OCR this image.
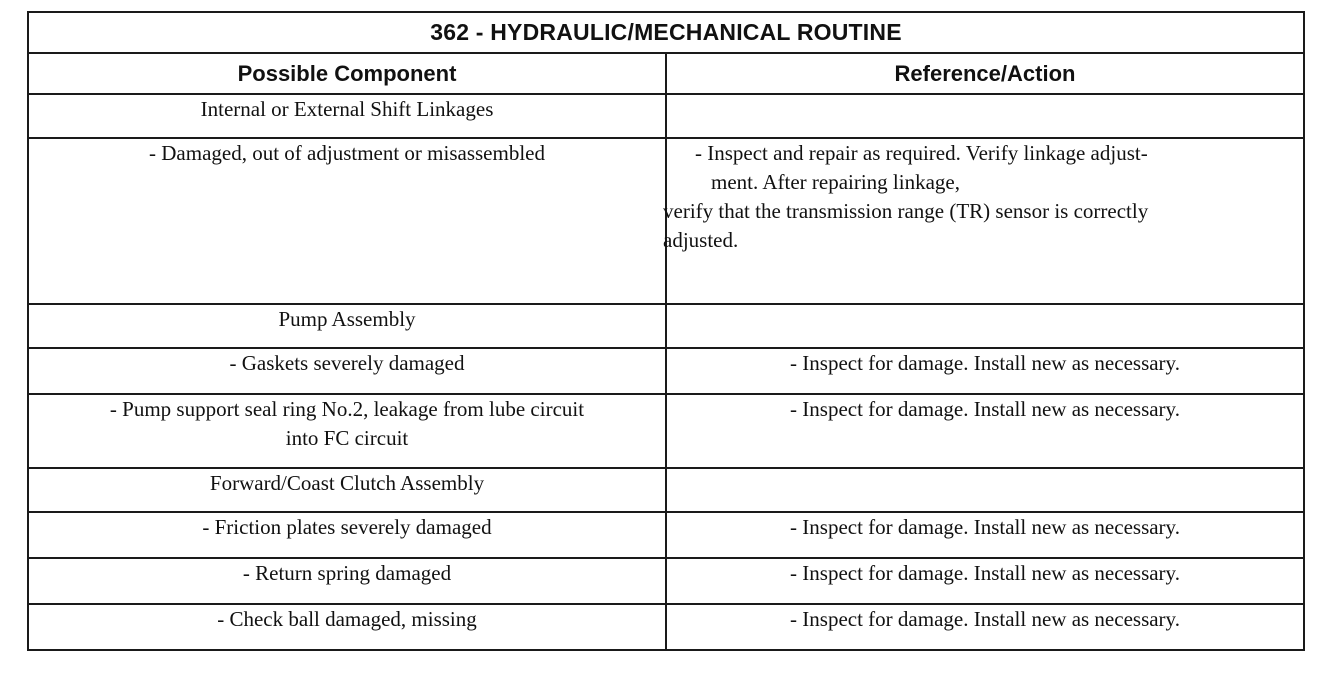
362 - HYDRAULIC/MECHANICAL ROUTINE	
Possible Component	Reference/Action
Internal or External Shift Linkages	
- Damaged, out of adjustment or misassembled	- Inspect and repair as required. Verify linkage adjust-
ment. After repairing linkage,
verify that the transmission range (TR) sensor is correctly
adjusted.

Pump Assembly	
- Gaskets severely damaged	- Inspect for damage. Install new as necessary.

- Pump support seal ring No.2, leakage from lube circuit
into FC circuit	- Inspect for damage. Install new as necessary.
Forward/Coast Clutch Assembly	
- Friction plates severely damaged	- Inspect for damage. Install new as necessary.
- Return spring damaged	- Inspect for damage. Install new as necessary.
- Check ball damaged, missing	- Inspect for damage. Install new as necessary.
